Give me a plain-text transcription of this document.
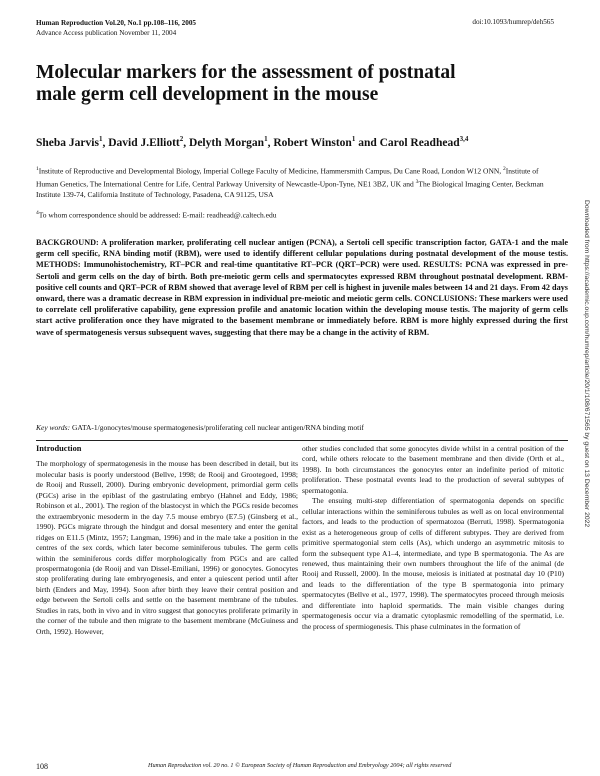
Human Reproduction Vol.20, No.1 pp.108–116, 2005
Advance Access publication November 11, 2004
doi:10.1093/humrep/deh565
Molecular markers for the assessment of postnatal male germ cell development in the mouse
Sheba Jarvis$^1$, David J.Elliott$^2$, Delyth Morgan$^1$, Robert Winston$^1$ and Carol Readhead$^{3,4}$
$^1$Institute of Reproductive and Developmental Biology, Imperial College Faculty of Medicine, Hammersmith Campus, Du Cane Road, London W12 ONN, $^2$Institute of Human Genetics, The International Centre for Life, Central Parkway University of Newcastle-Upon-Tyne, NE1 3BZ, UK and $^3$The Biological Imaging Center, Beckman Institute 139-74, California Institute of Technology, Pasadena, CA 91125, USA
$^4$To whom correspondence should be addressed: E-mail: readhead@.caltech.edu
BACKGROUND: A proliferation marker, proliferating cell nuclear antigen (PCNA), a Sertoli cell specific transcription factor, GATA-1 and the male germ cell specific, RNA binding motif (RBM), were used to identify different cellular populations during postnatal development of the mouse testis. METHODS: Immunohistochemistry, RT–PCR and real-time quantitative RT–PCR (QRT–PCR) were used. RESULTS: PCNA was expressed in pre-Sertoli and germ cells on the day of birth. Both pre-meiotic germ cells and spermatocytes expressed RBM throughout postnatal development. RBM-positive cell counts and QRT–PCR of RBM showed that average level of RBM per cell is highest in juvenile males between 14 and 21 days. From 42 days onward, there was a dramatic decrease in RBM expression in individual pre-meiotic and meiotic germ cells. CONCLUSIONS: These markers were used to correlate cell proliferative capability, gene expression profile and anatomic location within the developing mouse testis. The majority of germ cells start active proliferation once they have migrated to the basement membrane or immediately before. RBM is more highly expressed during the first wave of spermatogenesis versus subsequent waves, suggesting that there may be a change in the activity of RBM.
Key words: GATA-1/gonocytes/mouse spermatogenesis/proliferating cell nuclear antigen/RNA binding motif
Introduction

The morphology of spermatogenesis in the mouse has been described in detail, but its molecular basis is poorly understood (Bellve, 1998; de Rooij and Grootegoed, 1998; de Rooij and Russell, 2000). During embryonic development, primordial germ cells (PGCs) arise in the epiblast of the gastrulating embryo (Hahnel and Eddy, 1986; Robinson et al., 2001). The region of the blastocyst in which the PGCs reside becomes the extraembryonic mesoderm in the day 7.5 mouse embryo (E7.5) (Ginsberg et al., 1990). PGCs migrate through the hindgut and dorsal mesentery and enter the genital ridges on E11.5 (Mintz, 1957; Langman, 1996) and in the male take a position in the centres of the sex cords, which later become seminiferous tubules. The germ cells within the seminiferous cords differ morphologically from PGCs and are called prospermatogonia (de Rooij and van Dissel-Emiliani, 1996) or gonocytes. Gonocytes stop proliferating during late embryogenesis, and enter a quiescent period until after birth (Enders and May, 1994). Soon after birth they leave their central position and edge between the Sertoli cells and settle on the basement membrane of the tubules. Studies in rats, both in vivo and in vitro suggest that gonocytes proliferate primarily in the corner of the tubule and then migrate to the basement membrane (McGuiness and Orth, 1992). However,

other studies concluded that some gonocytes divide whilst in a central position of the cord, while others relocate to the basement membrane and then divide (Orth et al., 1998). In both circumstances the gonocytes enter an indefinite period of mitotic proliferation. These postnatal events lead to the production of several subtypes of spermatogonia.

The ensuing multi-step differentiation of spermatogonia depends on specific cellular interactions within the seminiferous tubules as well as on local environmental factors, and leads to the production of spermatozoa (Berruti, 1998). Spermatogonia exist as a heterogeneous group of cells of different subtypes. They are derived from primitive spermatogonial stem cells (As), which undergo an asymmetric mitosis to form the subsequent type A1–4, intermediate, and type B spermatogonia. The As are renewed, thus maintaining their own numbers throughout the life of the animal (de Rooij and Russell, 2000). In the mouse, meiosis is initiated at postnatal day 10 (P10) and leads to the differentiation of the type B spermatogonia into primary spermatocytes (Bellve et al., 1977, 1998). The spermatocytes proceed through meiosis and differentiate into haploid spermatids. The main visible changes during spermatogenesis occur via a dramatic cytoplasmic remodelling of the spermatid, i.e. the process of spermiogenesis. This phase culminates in the formation of

108	Human Reproduction vol. 20 no. 1 © European Society of Human Reproduction and Embryology 2004; all rights reserved
Downloaded from https://academic.oup.com/humrep/article/20/1/108/671565 by guest on 13 December 2022
